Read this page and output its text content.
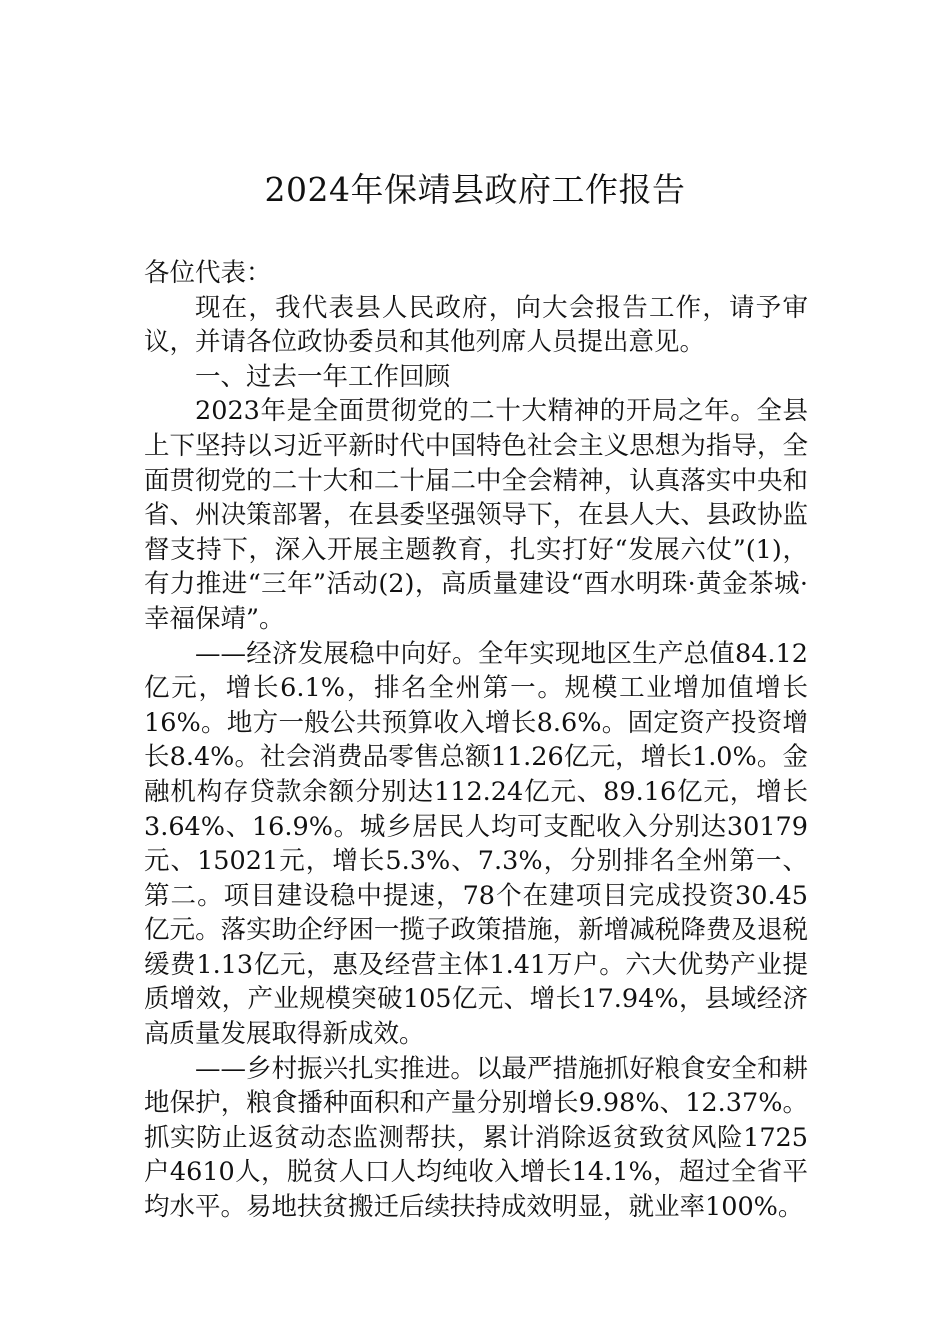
2024年保靖县政府工作报告

各位代表：

现在，我代表县人民政府，向大会报告工作，请予审议，并请各位政协委员和其他列席人员提出意见。

一、过去一年工作回顾

2023年是全面贯彻党的二十大精神的开局之年。全县上下坚持以习近平新时代中国特色社会主义思想为指导，全面贯彻党的二十大和二十届二中全会精神，认真落实中央和省、州决策部署，在县委坚强领导下，在县人大、县政协监督支持下，深入开展主题教育，扎实打好“发展六仗”(1)，有力推进“三年”活动(2)，高质量建设“酉水明珠·黄金茶城·幸福保靖”。

——经济发展稳中向好。全年实现地区生产总值84.12亿元，增长6.1%，排名全州第一。规模工业增加值增长16%。地方一般公共预算收入增长8.6%。固定资产投资增长8.4%。社会消费品零售总额11.26亿元，增长1.0%。金融机构存贷款余额分别达112.24亿元、89.16亿元，增长3.64%、16.9%。城乡居民人均可支配收入分别达30179元、15021元，增长5.3%、7.3%，分别排名全州第一、第二。项目建设稳中提速，78个在建项目完成投资30.45亿元。落实助企纾困一揽子政策措施，新增减税降费及退税缓费1.13亿元，惠及经营主体1.41万户。六大优势产业提质增效，产业规模突破105亿元、增长17.94%，县域经济高质量发展取得新成效。

——乡村振兴扎实推进。以最严措施抓好粮食安全和耕地保护，粮食播种面积和产量分别增长9.98%、12.37%。抓实防止返贫动态监测帮扶，累计消除返贫致贫风险1725户4610人，脱贫人口人均纯收入增长14.1%，超过全省平均水平。易地扶贫搬迁后续扶持成效明显，就业率100%。
